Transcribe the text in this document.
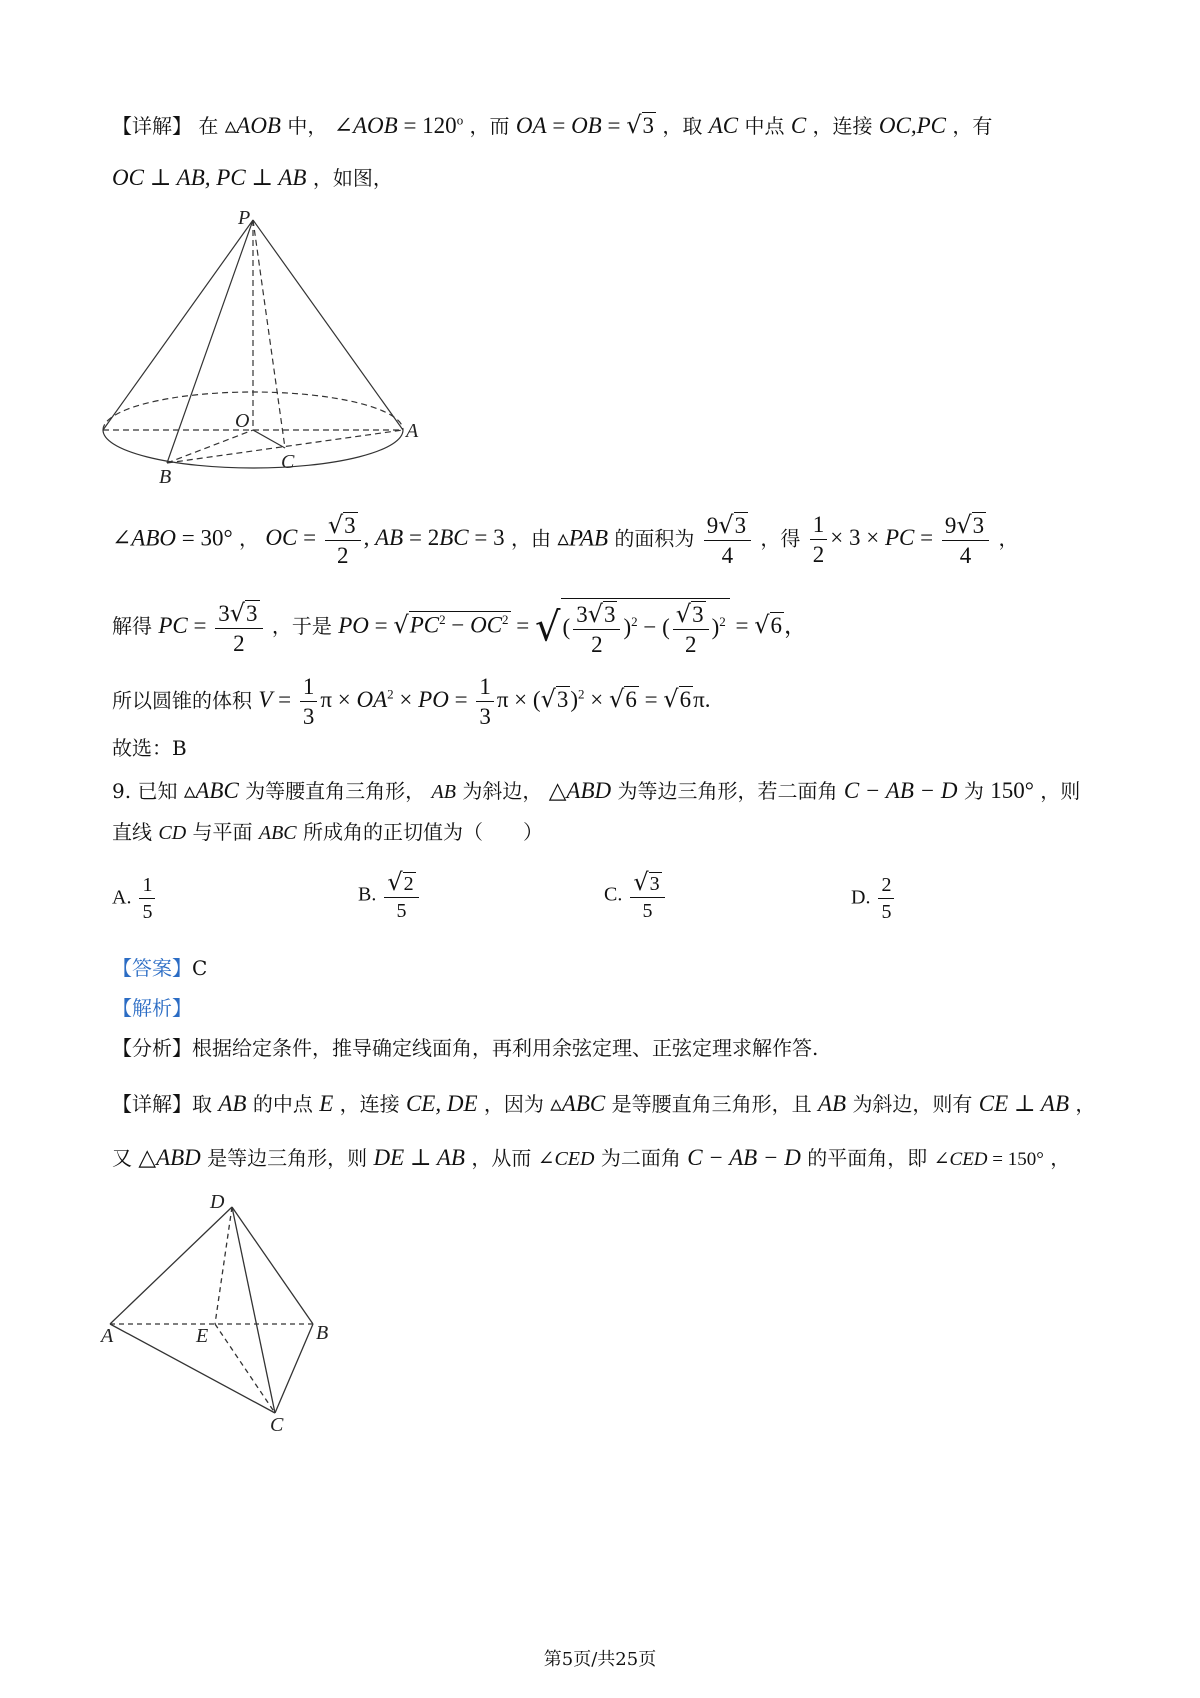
【详解】 在 ▵AOB 中， ∠AOB = $120^o$ ，而 OA = OB = √3 ，取 AC 中点 C ，连接 OC,PC ，有
OC ⊥ AB, PC ⊥ AB ，如图，
P
O	A
B
C
∠ABO = 30° ， OC = $\frac{√3}{2}$ , AB = 2BC = 3 ，由 ▵PAB 的面积为 $\frac{9√3}{4}$ ，得 $\frac{1}{2} \times 3$ × PC = $\frac{9√3}{4}$ ，
解得 PC = $\frac{3√3}{2}$ ，于是 PO = $√PC^2 - OC^2$ = √( $\frac{3√3}{2} )^2$ − ( $\frac{√3}{2} )^2 = √6$，
所以圆锥的体积 $V = \frac{1}{3}$ $\pi \times OA^2$ × PO = $\frac{1}{3}$ $\pi \times (√3)^2 \times √6 = √6\pi$.
故选：B
9. 已知 ▵ABC 为等腰直角三角形， AB 为斜边， △ABD 为等边三角形，若二面角 C − AB − D 为 150° ，则
直线 CD 与平面 ABC 所成角的正切值为（　　）
A. $\frac{1}{5}$	B. $\frac{√2}{5}$	C. $\frac{√3}{5}$	D. $\frac{2}{5}$
【答案】C
【解析】
【分析】根据给定条件，推导确定线面角，再利用余弦定理、正弦定理求解作答.
【详解】取 AB 的中点 E ，连接 CE, DE ，因为 ▵ABC 是等腰直角三角形，且 AB 为斜边，则有 CE ⊥ AB ，
又 △ABD 是等边三角形，则 DE ⊥ AB ，从而 ∠CED 为二面角 C − AB − D 的平面角，即 ∠CED = 150° ，
D
A	E	B
C
第5页/共25页
